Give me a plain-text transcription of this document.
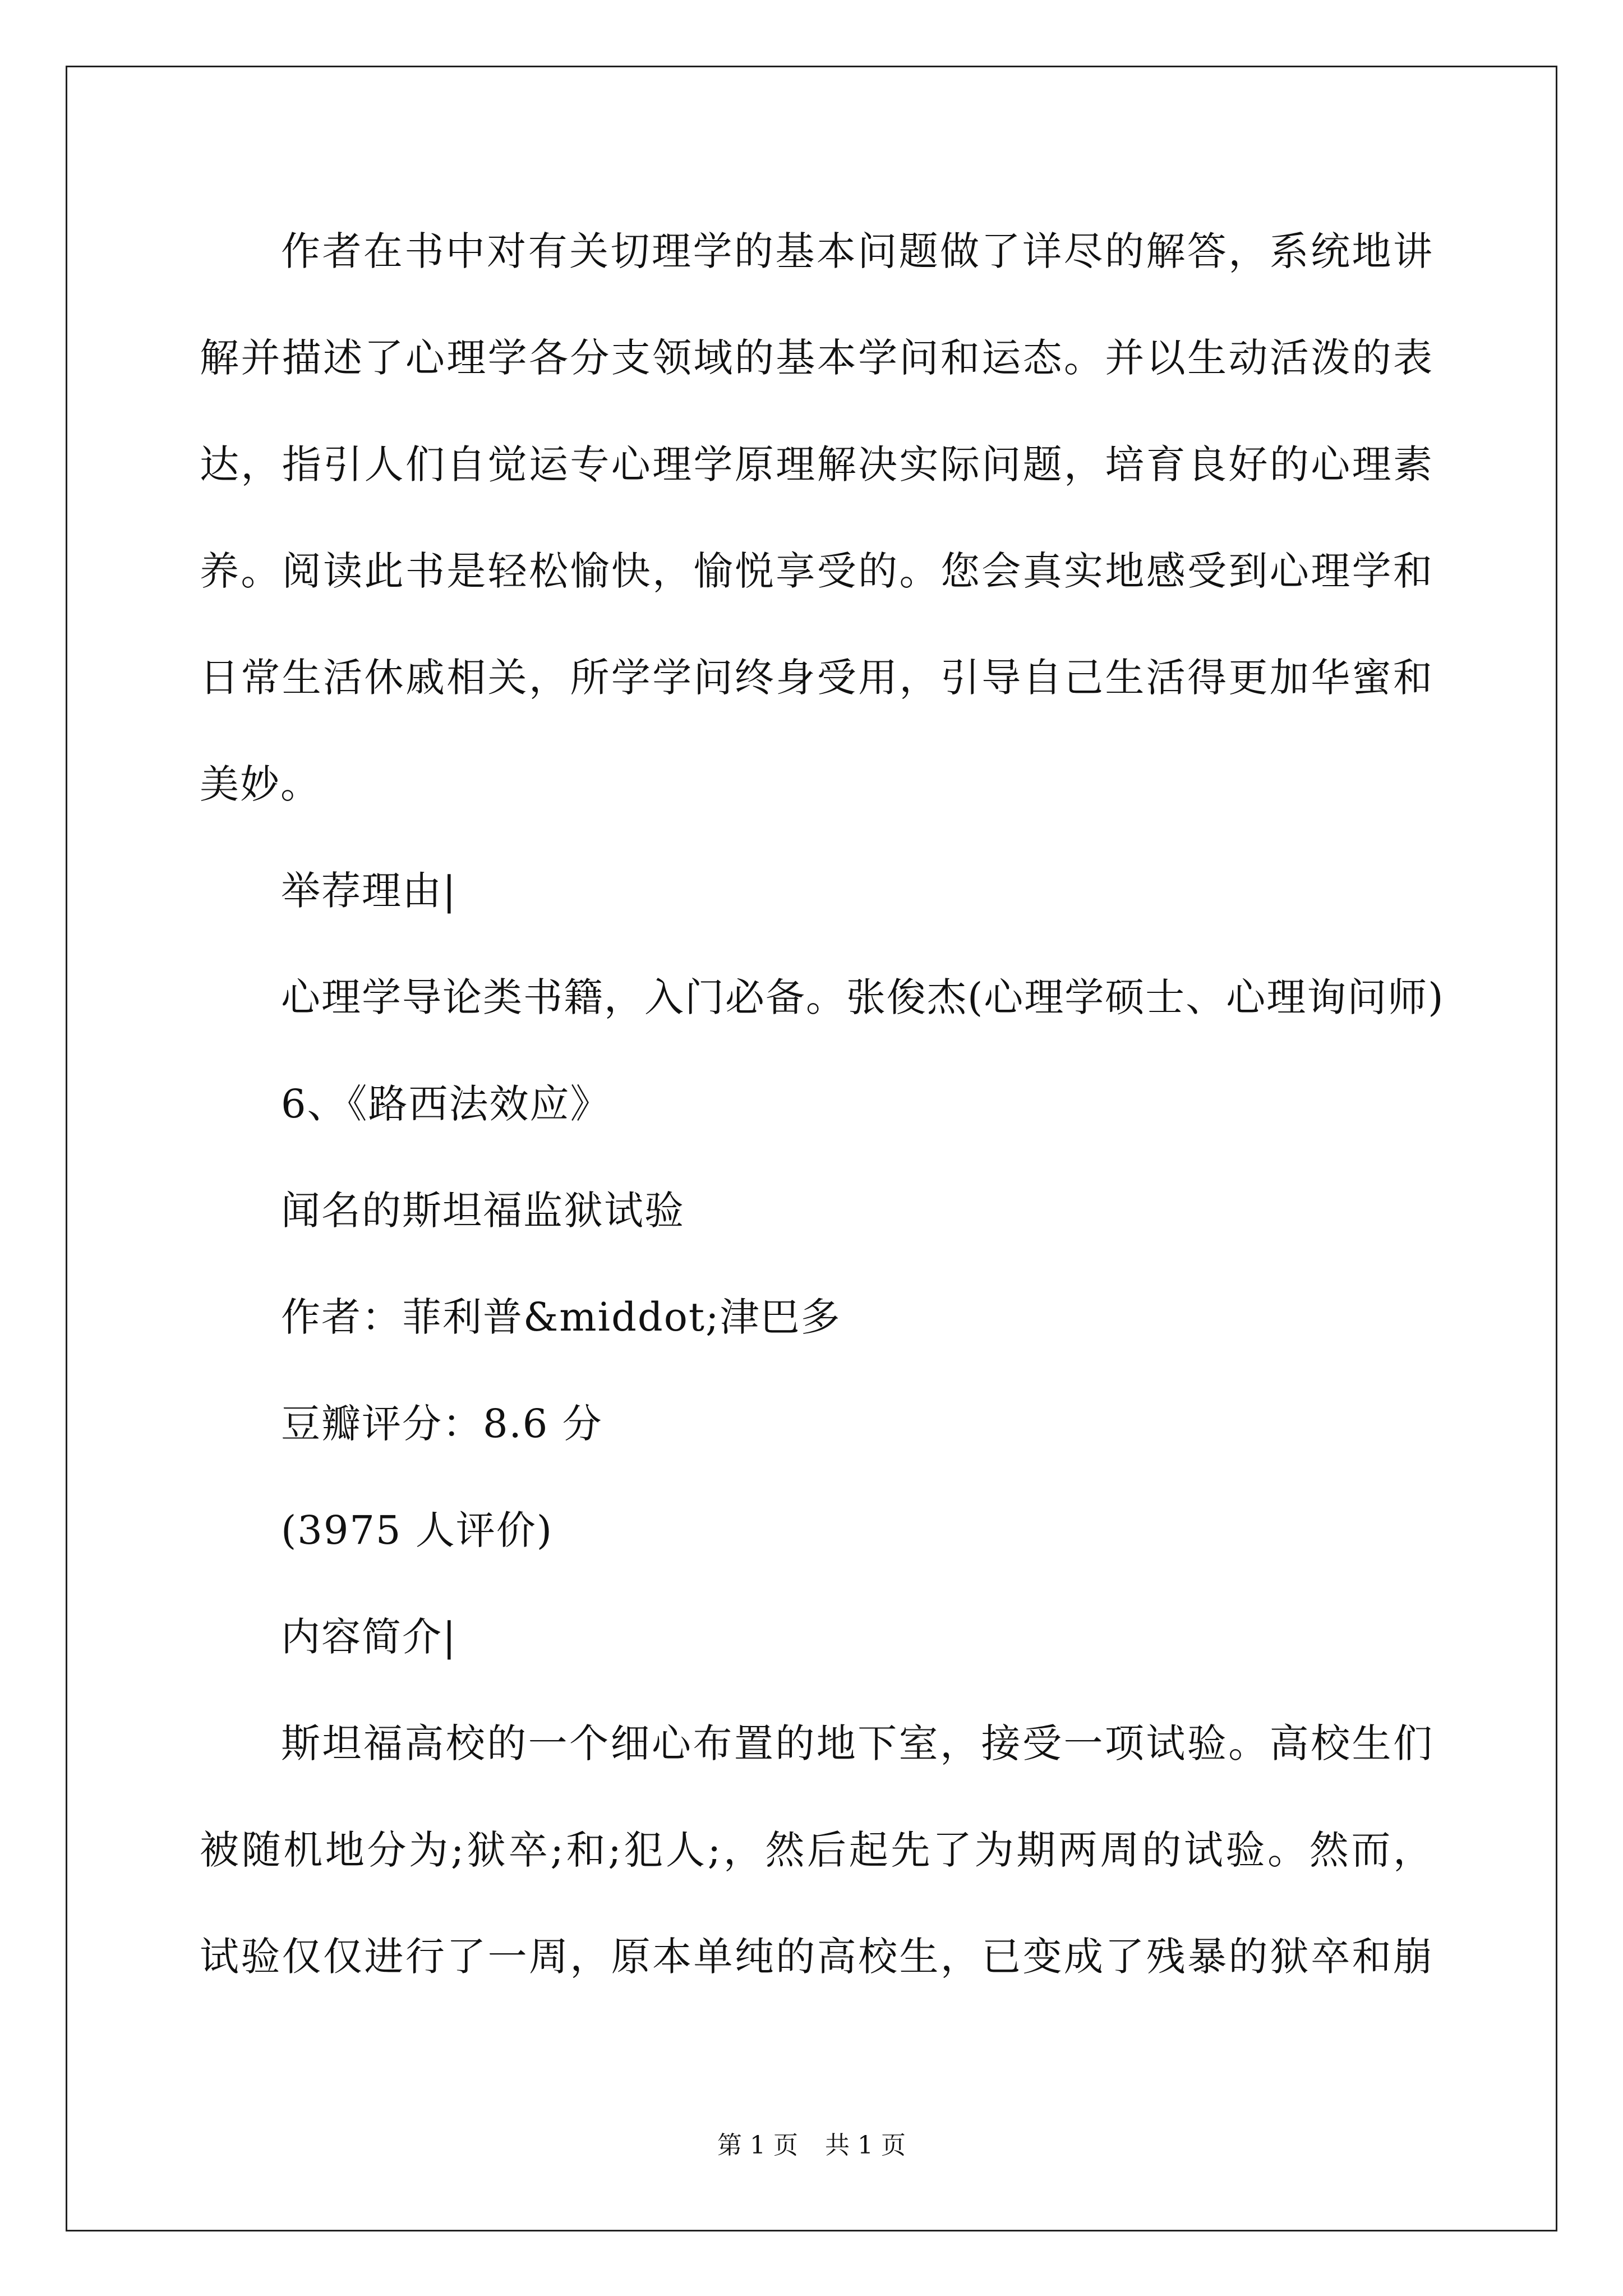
作者在书中对有关切理学的基本问题做了详尽的解答，系统地讲
解并描述了心理学各分支领域的基本学问和运态。并以生动活泼的表
达，指引人们自觉运专心理学原理解决实际问题，培育良好的心理素
养。阅读此书是轻松愉快，愉悦享受的。您会真实地感受到心理学和
日常生活休戚相关，所学学问终身受用，引导自己生活得更加华蜜和
美妙。
举荐理由|
心理学导论类书籍，入门必备。张俊杰(心理学硕士、心理询问师)
6、《路西法效应》
闻名的斯坦福监狱试验
作者：菲利普&middot;津巴多
豆瓣评分：8.6 分
(3975 人评价)
内容简介|
斯坦福高校的一个细心布置的地下室，接受一项试验。高校生们
被随机地分为;狱卒;和;犯人;，然后起先了为期两周的试验。然而，
试验仅仅进行了一周，原本单纯的高校生，已变成了残暴的狱卒和崩
第 1 页 共 1 页
